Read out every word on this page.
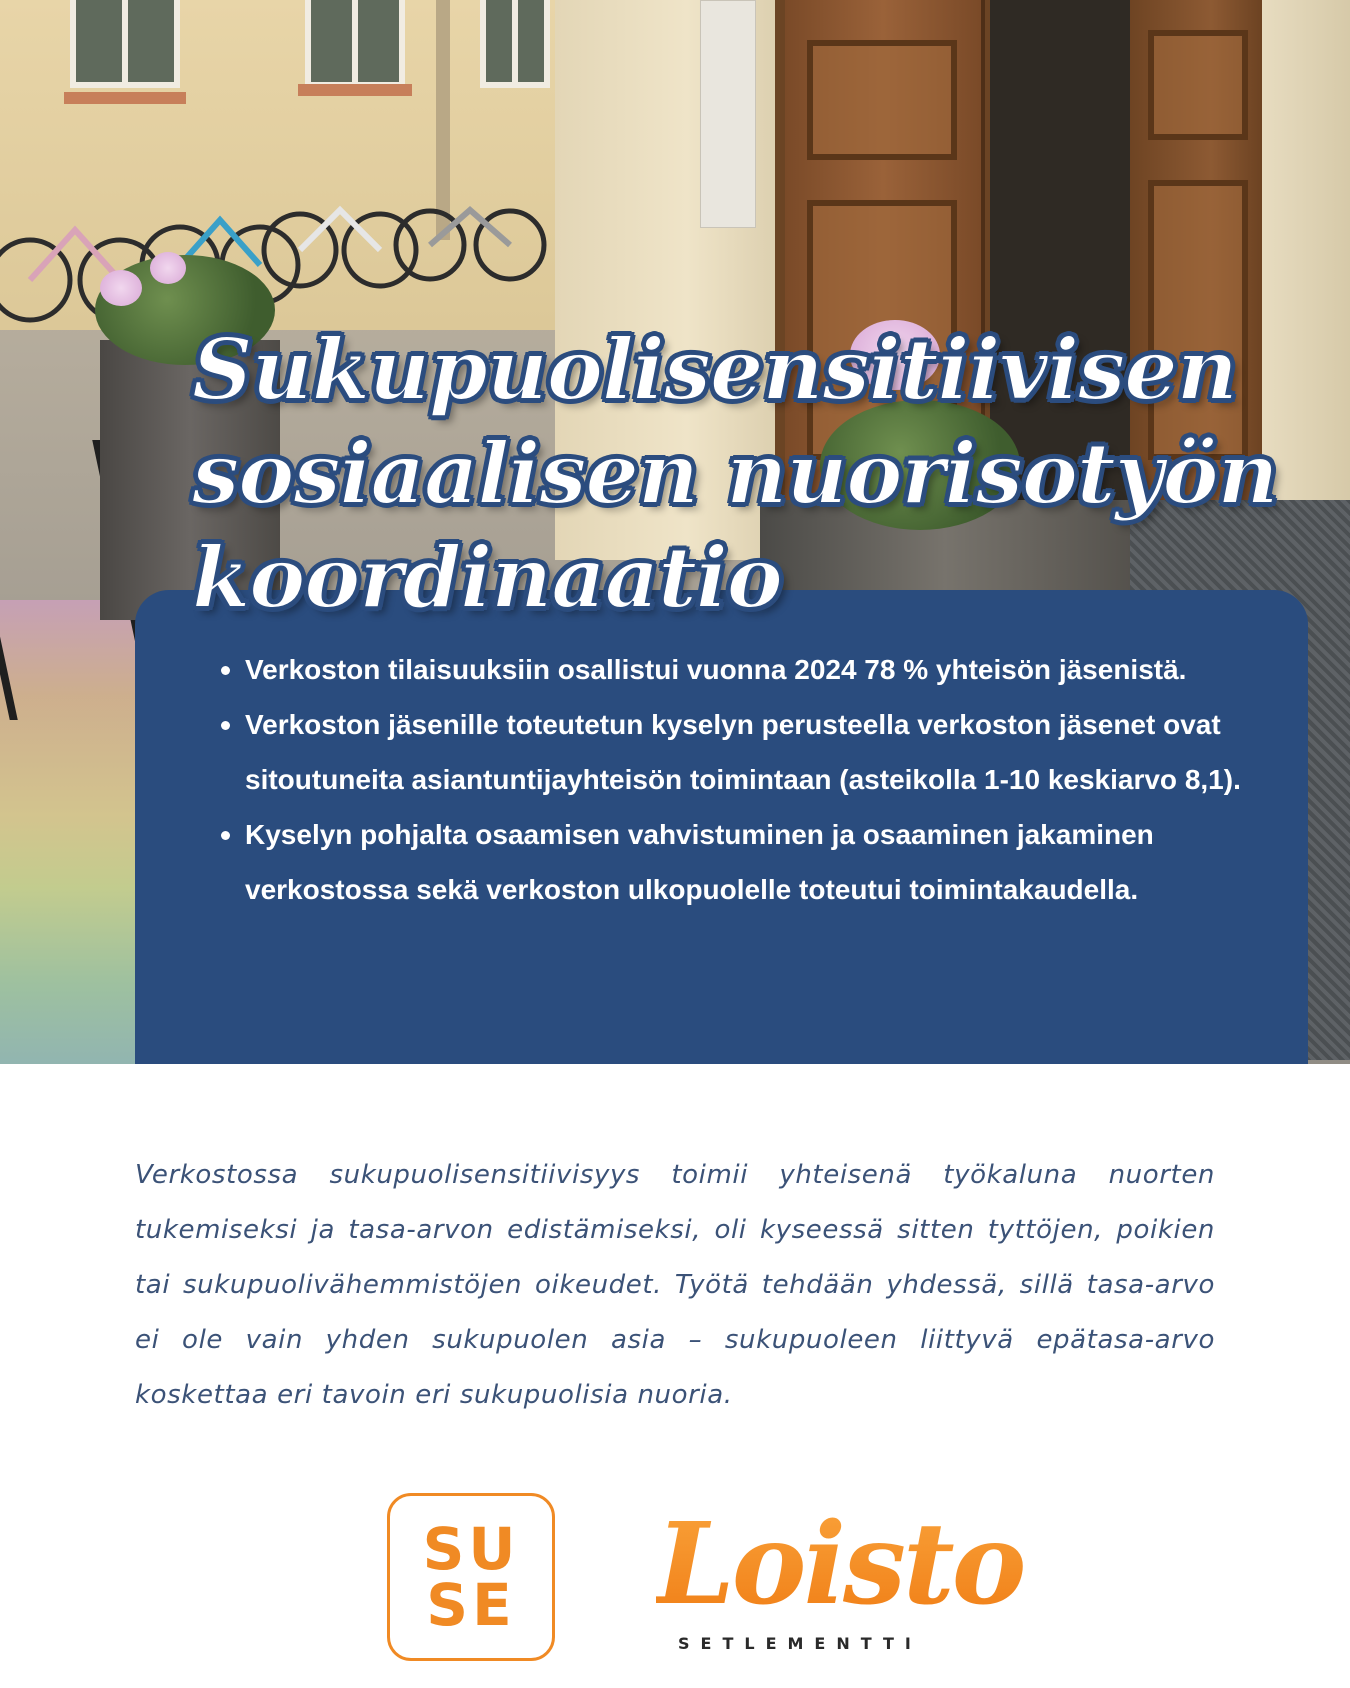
Sukupuolisensitiivisen
sosiaalisen nuorisotyön
koordinaatio
Verkoston tilaisuuksiin osallistui vuonna 2024 78 % yhteisön jäsenistä.
Verkoston jäsenille toteutetun kyselyn perusteella verkoston jäsenet ovat sitoutuneita asiantuntijayhteisön toimintaan (asteikolla 1-10 keskiarvo 8,1).
Kyselyn pohjalta osaamisen vahvistuminen ja osaaminen jakaminen verkostossa sekä verkoston ulkopuolelle toteutui toimintakaudella.

Verkostossa sukupuolisensitiivisyys toimii yhteisenä työkaluna nuorten tukemiseksi ja tasa-arvon edistämiseksi, oli kyseessä sitten tyttöjen, poikien tai sukupuolivähemmistöjen oikeudet. Työtä tehdään yhdessä, sillä tasa-arvo ei ole vain yhden sukupuolen asia – sukupuoleen liittyvä epätasa-arvo koskettaa eri tavoin eri sukupuolisia nuoria.

SU
SE Loisto
SETLEMENTTI
